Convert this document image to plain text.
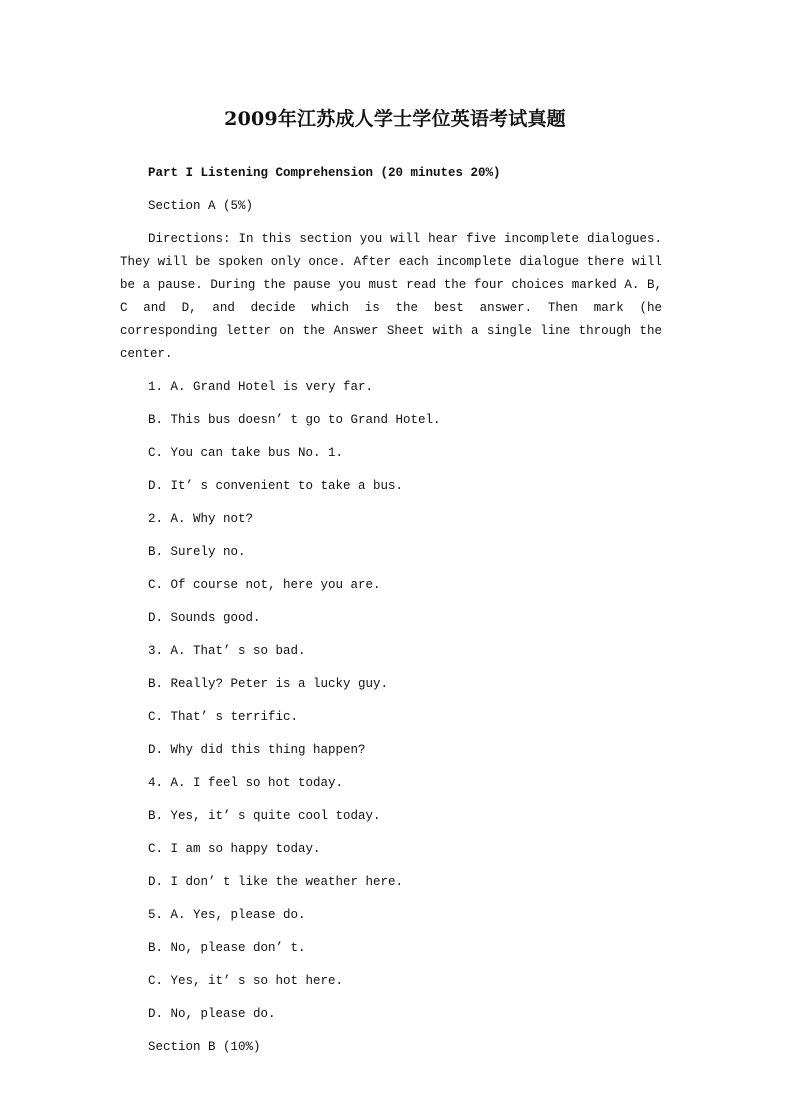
2009年江苏成人学士学位英语考试真题

Part I Listening Comprehension (20 minutes 20%)

Section A (5%)

Directions: In this section you will hear five incomplete dialogues. They will be spoken only once. After each incomplete dialogue there will be a pause. During the pause you must read the four choices marked A. B, C and D, and decide which is the best answer. Then mark (he corresponding letter on the Answer Sheet with a single line through the center.

1. A. Grand Hotel is very far.

B. This bus doesn’ t go to Grand Hotel.

C. You can take bus No. 1.

D. It’ s convenient to take a bus.

2. A. Why not?

B. Surely no.

C. Of course not, here you are.

D. Sounds good.

3. A. That’ s so bad.

B. Really? Peter is a lucky guy.

C. That’ s terrific.

D. Why did this thing happen?

4. A. I feel so hot today.

B. Yes, it’ s quite cool today.

C. I am so happy today.

D. I don’ t like the weather here.

5. A. Yes, please do.

B. No, please don’ t.

C. Yes, it’ s so hot here.

D. No, please do.

Section B (10%)
